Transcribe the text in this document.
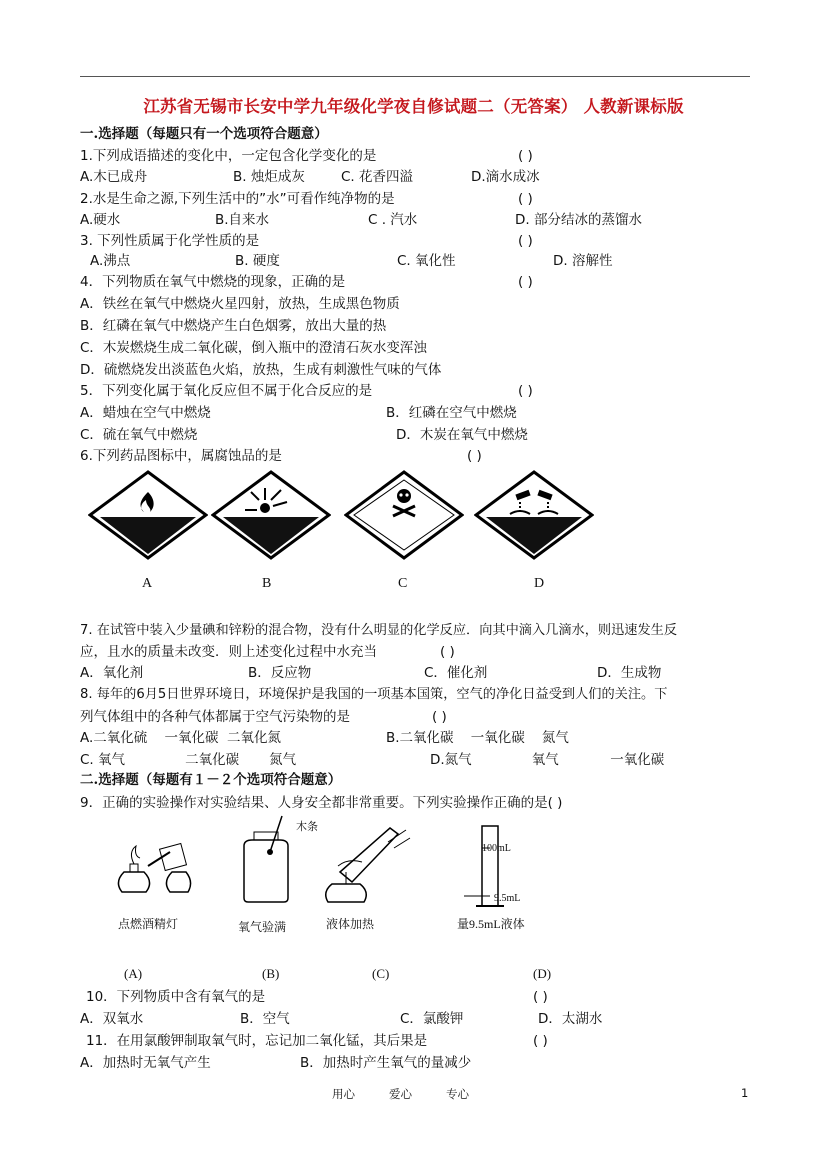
江苏省无锡市长安中学九年级化学夜自修试题二（无答案） 人教新课标版
一.选择题（每题只有一个选项符合题意）
1.下列成语描述的变化中，一定包含化学变化的是	( )
A.木已成舟	B. 烛炬成灰	C. 花香四溢	D.滴水成冰
2.水是生命之源,下列生活中的”水”可看作纯净物的是	( )
A.硬水	B.自来水	C . 汽水	D. 部分结冰的蒸馏水
3. 下列性质属于化学性质的是	( )
A.沸点	B. 硬度	C. 氧化性	D. 溶解性
4．下列物质在氧气中燃烧的现象，正确的是	( )
A．铁丝在氧气中燃烧火星四射，放热，生成黑色物质
B．红磷在氧气中燃烧产生白色烟雾，放出大量的热
C．木炭燃烧生成二氧化碳，倒入瓶中的澄清石灰水变浑浊
D．硫燃烧发出淡蓝色火焰，放热，生成有刺激性气味的气体
5．下列变化属于氧化反应但不属于化合反应的是	( )
A．蜡烛在空气中燃烧	B．红磷在空气中燃烧
C．硫在氧气中燃烧	D．木炭在氧气中燃烧
6.下列药品图标中，属腐蚀品的是	( )
A	B	C	D
7. 在试管中装入少量碘和锌粉的混合物，没有什么明显的化学反应．向其中滴入几滴水，则迅速发生反
应，且水的质量未改变．则上述变化过程中水充当	( )
A．氧化剂	B．反应物	C．催化剂	D．生成物
8. 每年的6月5日世界环境日，环境保护是我国的一项基本国策，空气的净化日益受到人们的关注。下
列气体组中的各种气体都属于空气污染物的是	( )
A.二氧化硫    一氧化碳  二氧化氮	B.二氧化碳    一氧化碳    氮气
C. 氧气              二氧化碳       氮气	D.氮气              氧气            一氧化碳
二.选择题（每题有１－２个选项符合题意）
9．正确的实验操作对实验结果、人身安全都非常重要。下列实验操作正确的是( )
点燃酒精灯
木条
氧气验满	液体加热
100mL
9.5mL
量9.5mL液体
(A)	(B)	(C)	(D)
10．下列物质中含有氧气的是	( )
A．双氧水	B．空气	C．氯酸钾	D．太湖水
11．在用氯酸钾制取氧气时，忘记加二氧化锰，其后果是	( )
A．加热时无氧气产生	B．加热时产生氧气的量减少
用心	爱心	专心	1
